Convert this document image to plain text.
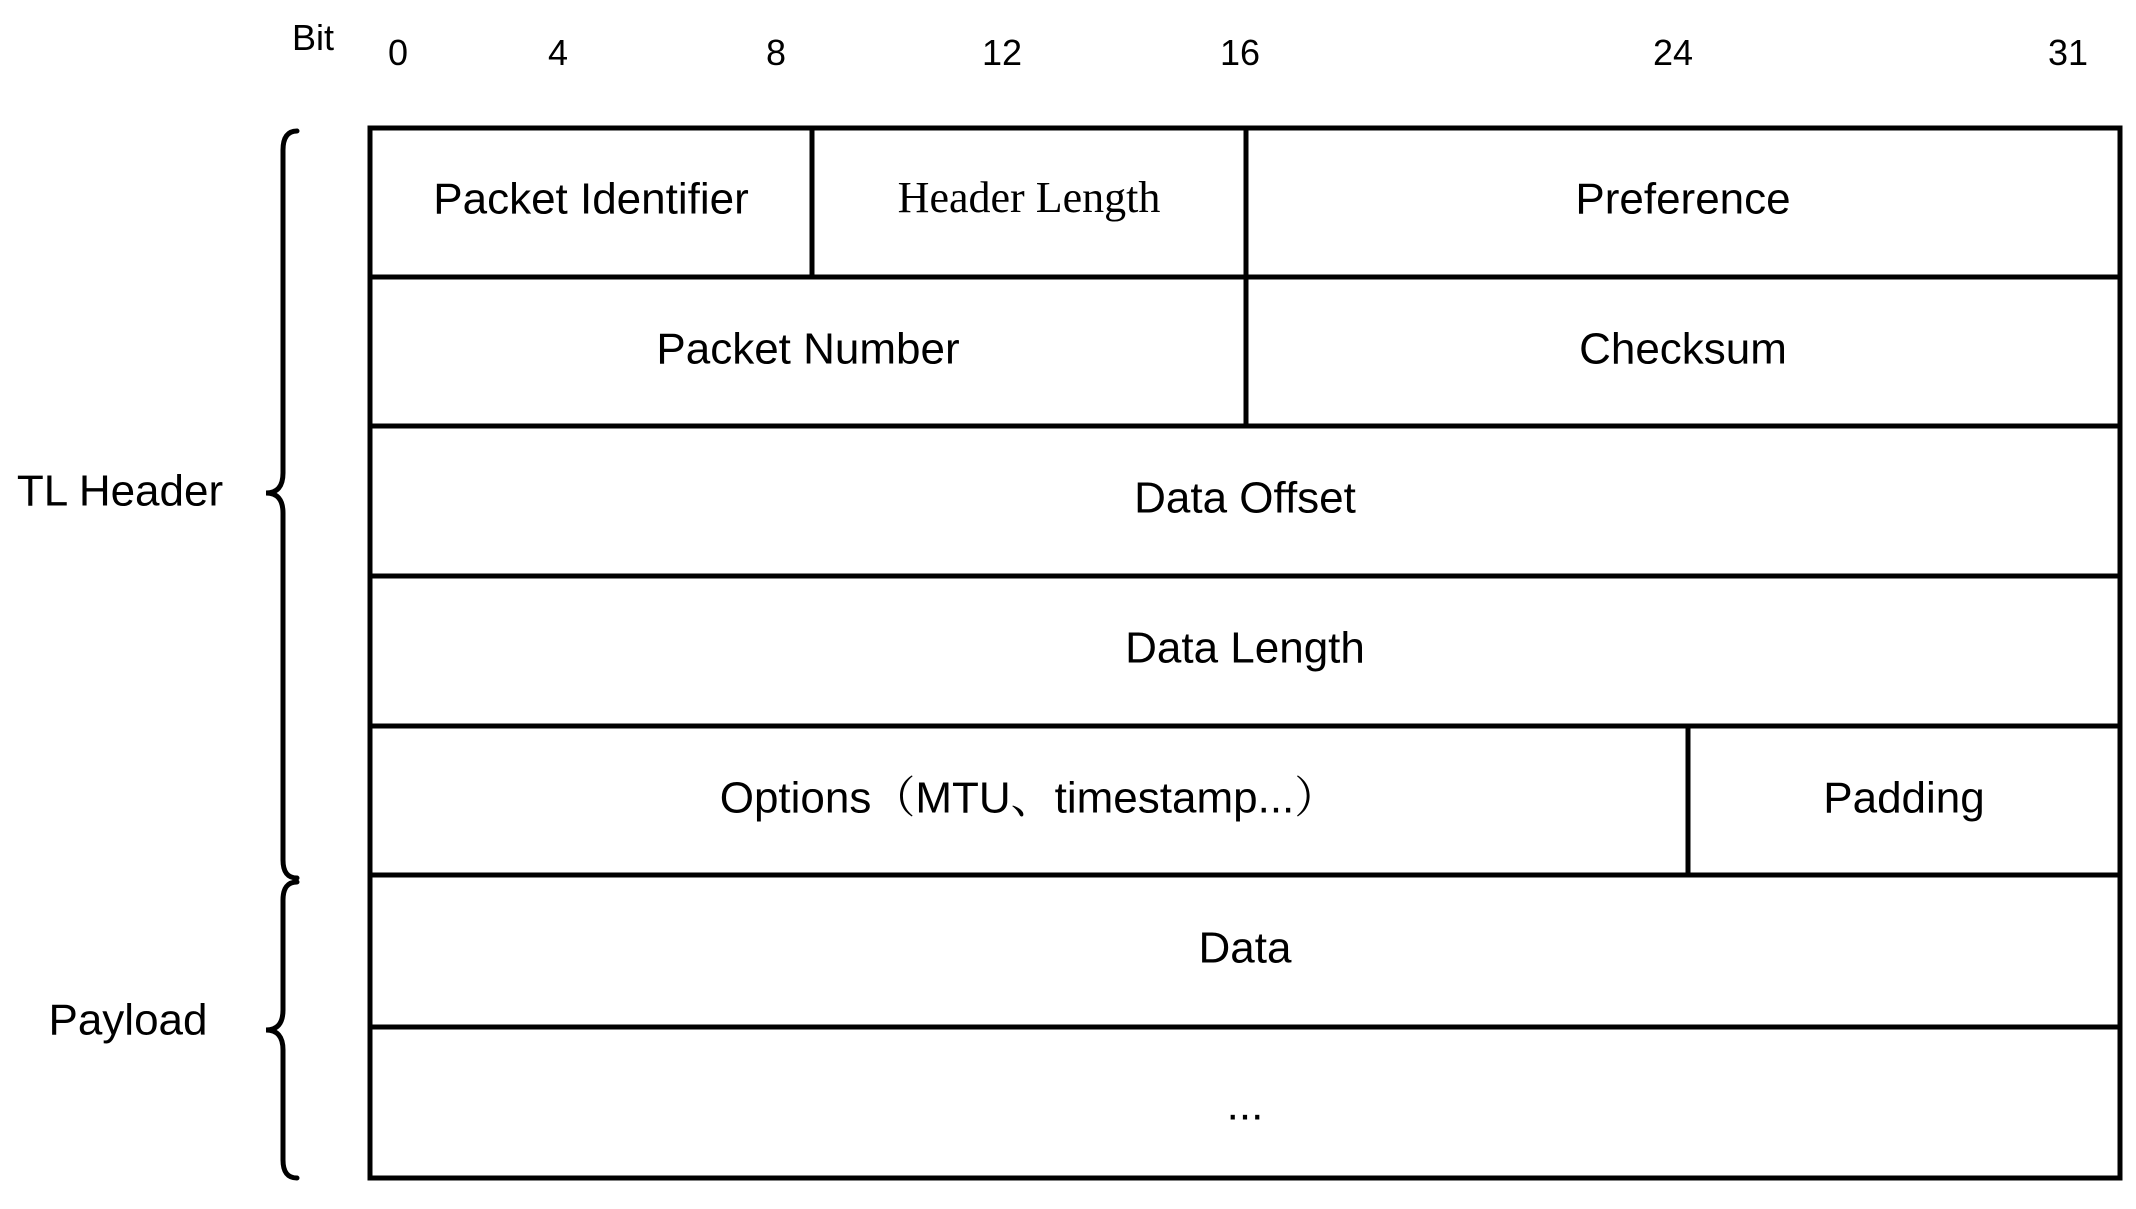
Bit 0	4	8	12	16	24	31
Packet Identifier	Header Length	Preference
Packet Number	Checksum
Data Offset
Data Length
Options（MTU、timestamp...）	Padding
Data
...
TL Header
Payload
